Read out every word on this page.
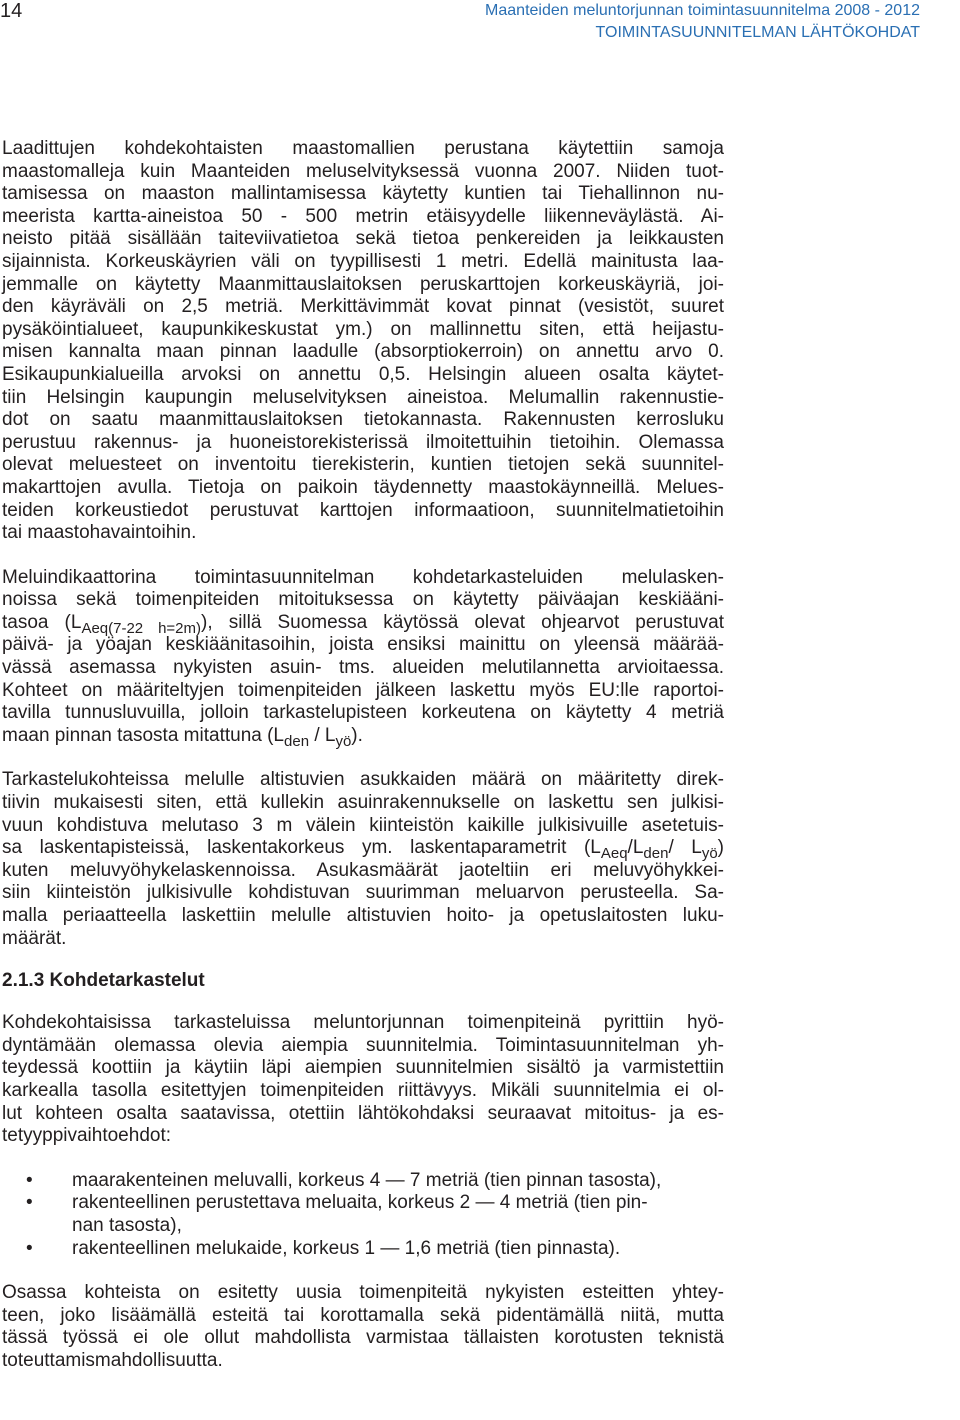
14	Maanteiden meluntorjunnan toimintasuunnitelma 2008 - 2012
TOIMINTASUUNNITELMAN LÄHTÖKOHDAT
Laadittujen kohdekohtaisten maastomallien perustana käytettiin samoja
maastomalleja kuin Maanteiden meluselvityksessä vuonna 2007. Niiden tuot-
tamisessa on maaston mallintamisessa käytetty kuntien tai Tiehallinnon nu-
meerista kartta-aineistoa 50 - 500 metrin etäisyydelle liikenneväylästä. Ai-
neisto pitää sisällään taiteviivatietoa sekä tietoa penkereiden ja leikkausten
sijainnista. Korkeuskäyrien väli on tyypillisesti 1 metri. Edellä mainitusta laa-
jemmalle on käytetty Maanmittauslaitoksen peruskarttojen korkeuskäyriä, joi-
den käyräväli on 2,5 metriä. Merkittävimmät kovat pinnat (vesistöt, suuret
pysäköintialueet, kaupunkikeskustat ym.) on mallinnettu siten, että heijastu-
misen kannalta maan pinnan laadulle (absorptiokerroin) on annettu arvo 0.
Esikaupunkialueilla arvoksi on annettu 0,5. Helsingin alueen osalta käytet-
tiin Helsingin kaupungin meluselvityksen aineistoa. Melumallin rakennustie-
dot on saatu maanmittauslaitoksen tietokannasta. Rakennusten kerrosluku
perustuu rakennus- ja huoneistorekisterissä ilmoitettuihin tietoihin. Olemassa
olevat meluesteet on inventoitu tierekisterin, kuntien tietojen sekä suunnitel-
makarttojen avulla. Tietoja on paikoin täydennetty maastokäynneillä. Melues-
teiden korkeustiedot perustuvat karttojen informaatioon, suunnitelmatietoihin
tai maastohavaintoihin.
Meluindikaattorina toimintasuunnitelman kohdetarkasteluiden melulasken-
noissa sekä toimenpiteiden mitoituksessa on käytetty päiväajan keskiääni-
tasoa $(L_{Aeq(7-22 h=2m)})$, sillä Suomessa käytössä olevat ohjearvot perustuvat
päivä- ja yöajan keskiäänitasoihin, joista ensiksi mainittu on yleensä määrää-
vässä asemassa nykyisten asuin- tms. alueiden melutilannetta arvioitaessa.
Kohteet on määriteltyjen toimenpiteiden jälkeen laskettu myös EU:lle raportoi-
tavilla tunnusluvuilla, jolloin tarkastelupisteen korkeutena on käytetty 4 metriä
maan pinnan tasosta mitattuna $(L_{den} / L_{yö})$.
Tarkastelukohteissa melulle altistuvien asukkaiden määrä on määritetty direk-
tiivin mukaisesti siten, että kullekin asuinrakennukselle on laskettu sen julkisi-
vuun kohdistuva melutaso 3 m välein kiinteistön kaikille julkisivuille asetetuis-
sa laskentapisteissä, laskentakorkeus ym. laskentaparametrit ($L_{Aeq}/L_{den}/$ $L_{yö}$)
kuten meluvyöhykelaskennoissa. Asukasmäärät jaoteltiin eri meluvyöhykkei-
siin kiinteistön julkisivulle kohdistuvan suurimman meluarvon perusteella. Sa-
malla periaatteella laskettiin melulle altistuvien hoito- ja opetuslaitosten luku-
määrät.
2.1.3 Kohdetarkastelut
Kohdekohtaisissa tarkasteluissa meluntorjunnan toimenpiteinä pyrittiin hyö-
dyntämään olemassa olevia aiempia suunnitelmia. Toimintasuunnitelman yh-
teydessä koottiin ja käytiin läpi aiempien suunnitelmien sisältö ja varmistettiin
karkealla tasolla esitettyjen toimenpiteiden riittävyys. Mikäli suunnitelmia ei ol-
lut kohteen osalta saatavissa, otettiin lähtökohdaksi seuraavat mitoitus- ja es-
tetyyppivaihtoehdot:
• maarakenteinen meluvalli, korkeus 4 — 7 metriä (tien pinnan tasosta),
• rakenteellinen perustettava meluaita, korkeus 2 — 4 metriä (tien pin-
nan tasosta),
• rakenteellinen melukaide, korkeus 1 — 1,6 metriä (tien pinnasta).
Osassa kohteista on esitetty uusia toimenpiteitä nykyisten esteitten yhtey-
teen, joko lisäämällä esteitä tai korottamalla sekä pidentämällä niitä, mutta
tässä työssä ei ole ollut mahdollista varmistaa tällaisten korotusten teknistä
toteuttamismahdollisuutta.
